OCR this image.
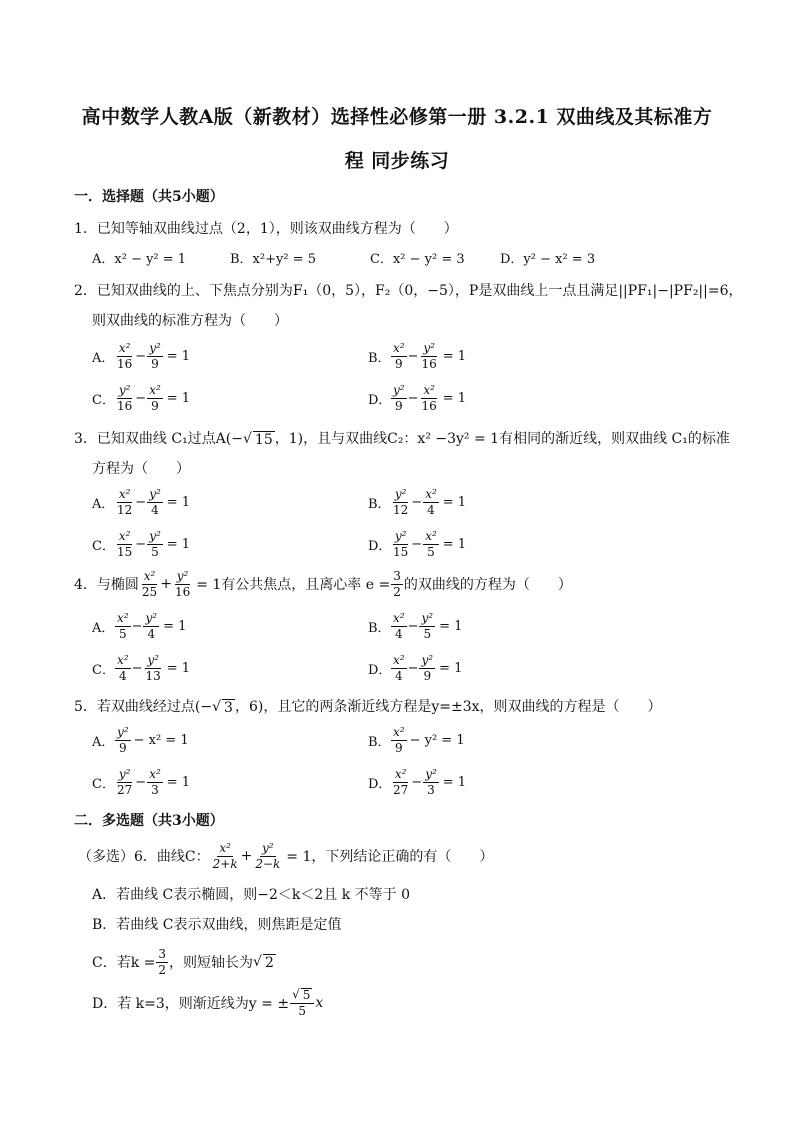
高中数学人教A版（新教材）选择性必修第一册 3.2.1 双曲线及其标准方
程 同步练习
一．选择题（共5小题）
1．已知等轴双曲线过点（2，1），则该双曲线方程为（　　）
A．x² − y² = 1	B．x²+y² = 5	C．x² − y² = 3	D．y² − x² = 3
2．已知双曲线的上、下焦点分别为F₁（0，5），F₂（0，−5），P是双曲线上一点且满足||PF₁|−|PF₂||=6，
则双曲线的标准方程为（　　）
A． $\frac{\text{x²}}{16} - \frac{\text{y²}}{9} = 1$	B． $\frac{\text{x²}}{9} - \frac{\text{y²}}{16} = 1$
C． $\frac{\text{y²}}{16} - \frac{\text{x²}}{9} = 1$	D． $\frac{\text{y²}}{9} - \frac{\text{x²}}{16} = 1$
3．已知双曲线 C₁过点A(−√ 15 ，1)，且与双曲线C₂：x² −3y² = 1有相同的渐近线，则双曲线 C₁的标准
方程为（　　）
A． $\frac{\text{x²}}{12} - \frac{\text{y²}}{4} = 1$	B． $\frac{\text{y²}}{12} - \frac{\text{x²}}{4} = 1$
C． $\frac{\text{x²}}{15} - \frac{\text{y²}}{5} = 1$	D． $\frac{\text{y²}}{15} - \frac{\text{x²}}{5} = 1$
4．与椭圆 $\frac{\text{x²}}{25} + \frac{\text{y²}}{16} = 1$有公共焦点，且离心率 $e = \frac{3}{2}$ 的双曲线的方程为（　　）
A． $\frac{\text{x²}}{5} - \frac{\text{y²}}{4} = 1$	B． $\frac{\text{x²}}{4} - \frac{\text{y²}}{5} = 1$
C． $\frac{\text{x²}}{4} - \frac{\text{y²}}{13} = 1$	D． $\frac{\text{x²}}{4} - \frac{\text{y²}}{9} = 1$
5．若双曲线经过点(−√ 3 ，6)，且它的两条渐近线方程是y=±3x，则双曲线的方程是（　　）
A． $\frac{\text{y²}}{9} - x^2 = 1$	B． $\frac{\text{x²}}{9} - y^2 = 1$
C． $\frac{\text{y²}}{27} - \frac{\text{x²}}{3} = 1$	D． $\frac{\text{x²}}{27} - \frac{\text{y²}}{3} = 1$
二．多选题（共3小题）
（多选）6．曲线C： $\frac{\text{x²}}{2+k} + \frac{\text{y²}}{2-k} = 1$，下列结论正确的有（　　）
A．若曲线 C表示椭圆，则−2＜k＜2且 k 不等于 0
B．若曲线 C表示双曲线，则焦距是定值
C．若$k = \frac{3}{2}$ ，则短轴长为 √ 2
D．若 k=3，则渐近线为y = ± $\frac{√ 5}{5}$ x
